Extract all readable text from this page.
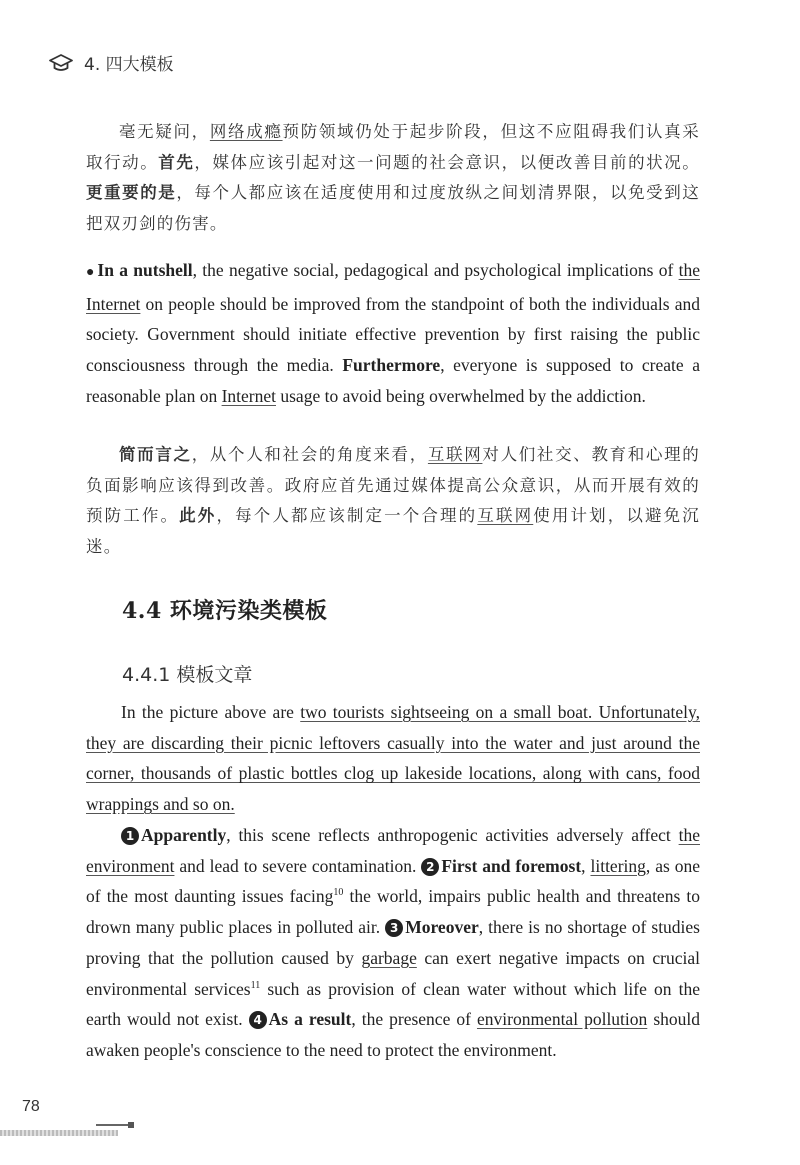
4. 四大模板

毫无疑问，网络成瘾预防领域仍处于起步阶段，但这不应阻碍我们认真采取行动。首先，媒体应该引起对这一问题的社会意识，以便改善目前的状况。更重要的是，每个人都应该在适度使用和过度放纵之间划清界限，以免受到这把双刃剑的伤害。

● In a nutshell, the negative social, pedagogical and psychological implications of the Internet on people should be improved from the standpoint of both the individuals and society. Government should initiate effective prevention by first raising the public consciousness through the media. Furthermore, everyone is supposed to create a reasonable plan on Internet usage to avoid being overwhelmed by the addiction.

简而言之，从个人和社会的角度来看，互联网对人们社交、教育和心理的负面影响应该得到改善。政府应首先通过媒体提高公众意识，从而开展有效的预防工作。此外，每个人都应该制定一个合理的互联网使用计划，以避免沉迷。

4.4 环境污染类模板
4.4.1 模板文章

In the picture above are two tourists sightseeing on a small boat. Unfortunately, they are discarding their picnic leftovers casually into the water and just around the corner, thousands of plastic bottles clog up lakeside locations, along with cans, food wrappings and so on.

1 Apparently, this scene reflects anthropogenic activities adversely affect the environment and lead to severe contamination. 2 First and foremost, littering, as one of the most daunting issues facing$^{10}$ the world, impairs public health and threatens to drown many public places in polluted air. 3 Moreover, there is no shortage of studies proving that the pollution caused by garbage can exert negative impacts on crucial environmental services$^{11}$ such as provision of clean water without which life on the earth would not exist. 4 As a result, the presence of environmental pollution should awaken people's conscience to the need to protect the environment.

78
